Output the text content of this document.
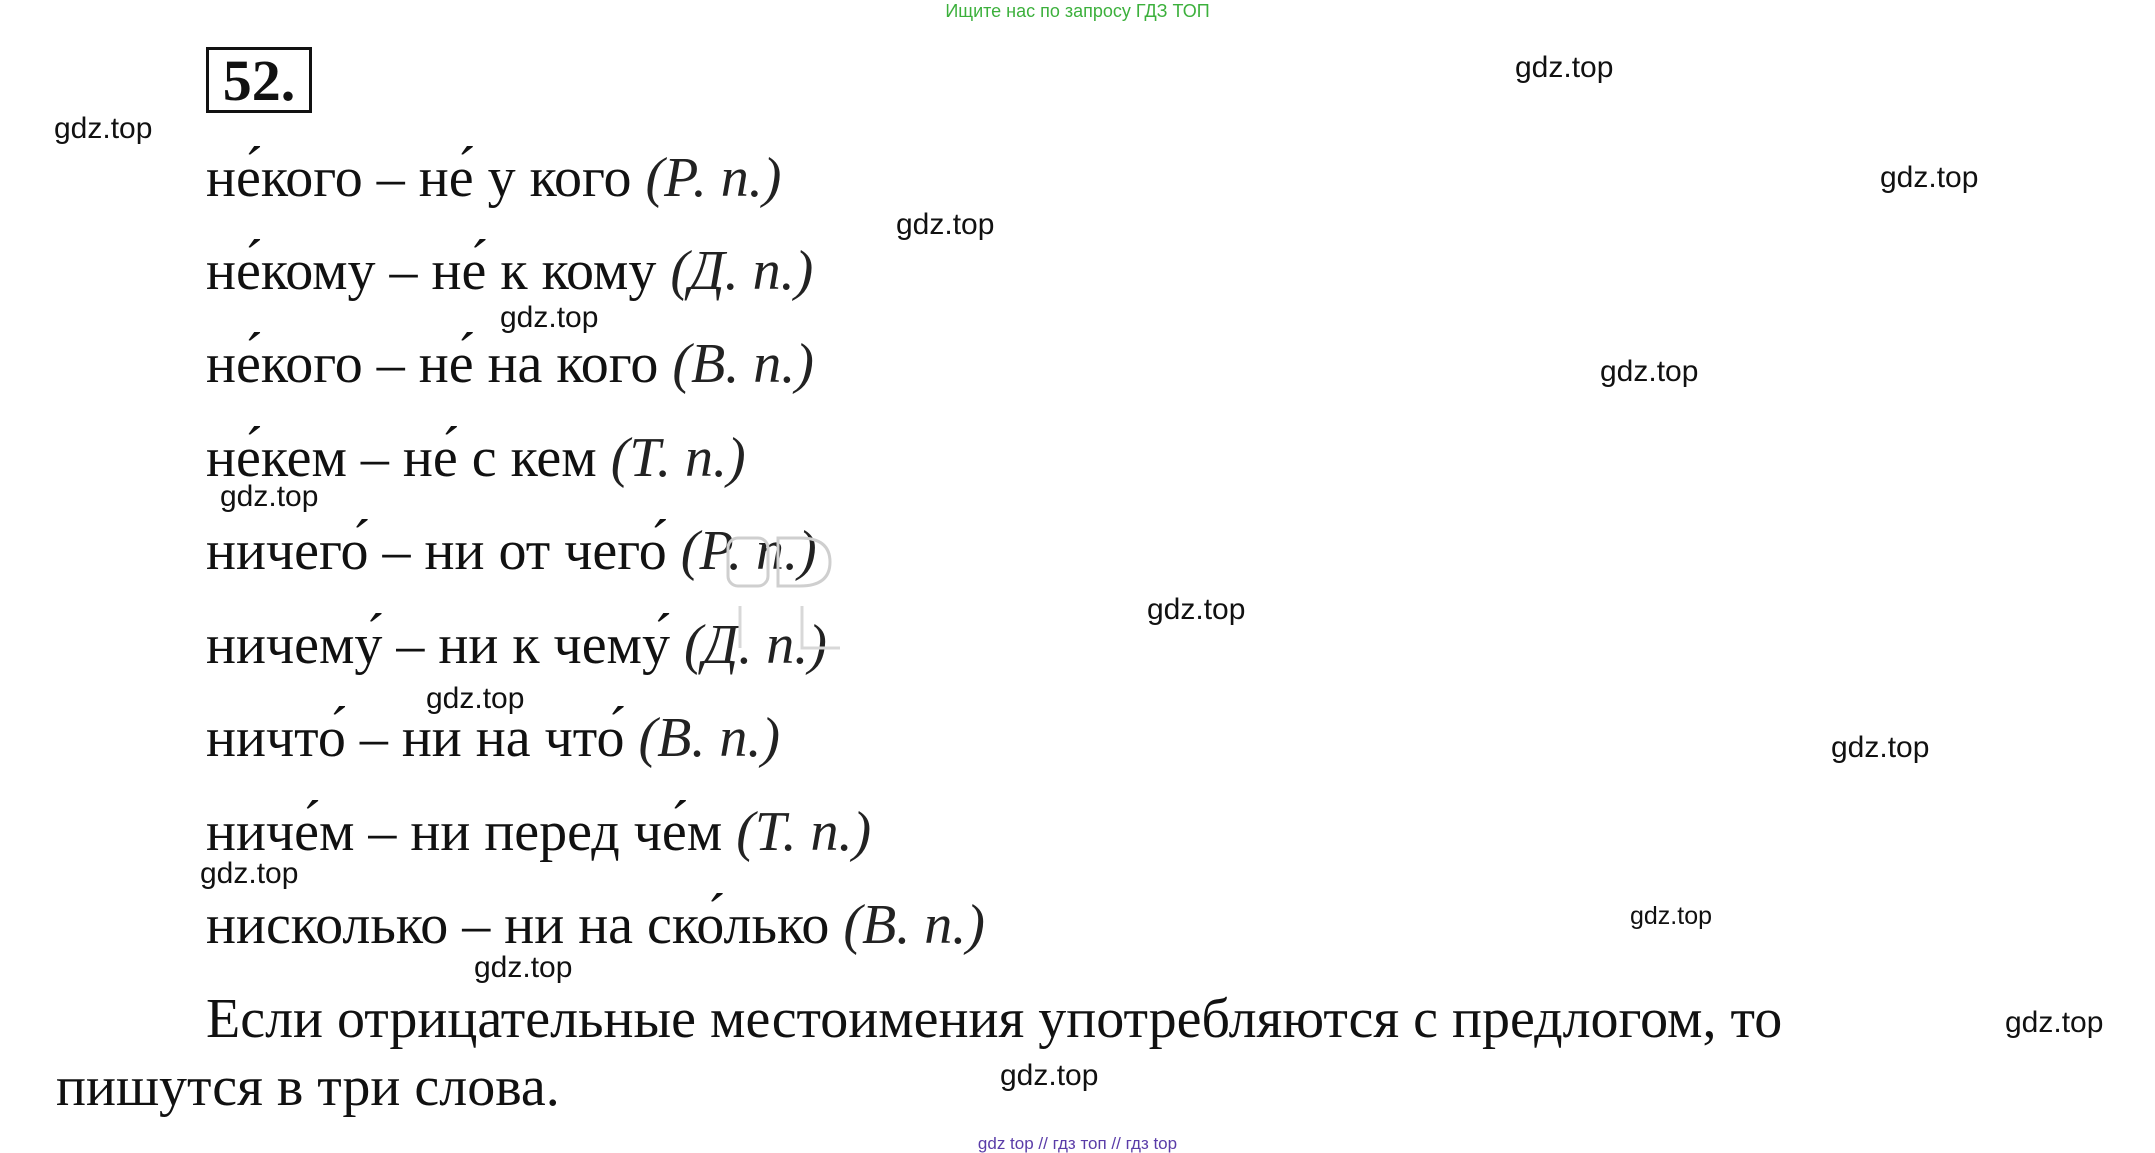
Ищите нас по запросу ГДЗ ТОП
52.
не́кого – не́ у кого (Р. п.)
не́кому – не́ к кому (Д. п.)
не́кого – не́ на кого (В. п.)
не́кем – не́ с кем (Т. п.)
ничего́ – ни от чего́ (Р. п.)
ничему́ – ни к чему́ (Д. п.)
ничто́ – ни на что́ (В. п.)
ниче́м – ни перед че́м (Т. п.)
нисколько – ни на ско́лько (В. п.)
Если отрицательные местоимения употребляются с предлогом, то
пишутся в три слова.
gdz.top
gdz.top
gdz.top
gdz.top
gdz.top
gdz.top
gdz.top
gdz.top
gdz.top
gdz.top
gdz.top
gdz.top
gdz.top
gdz.top
gdz.top
gdz top // гдз топ // гдз top
